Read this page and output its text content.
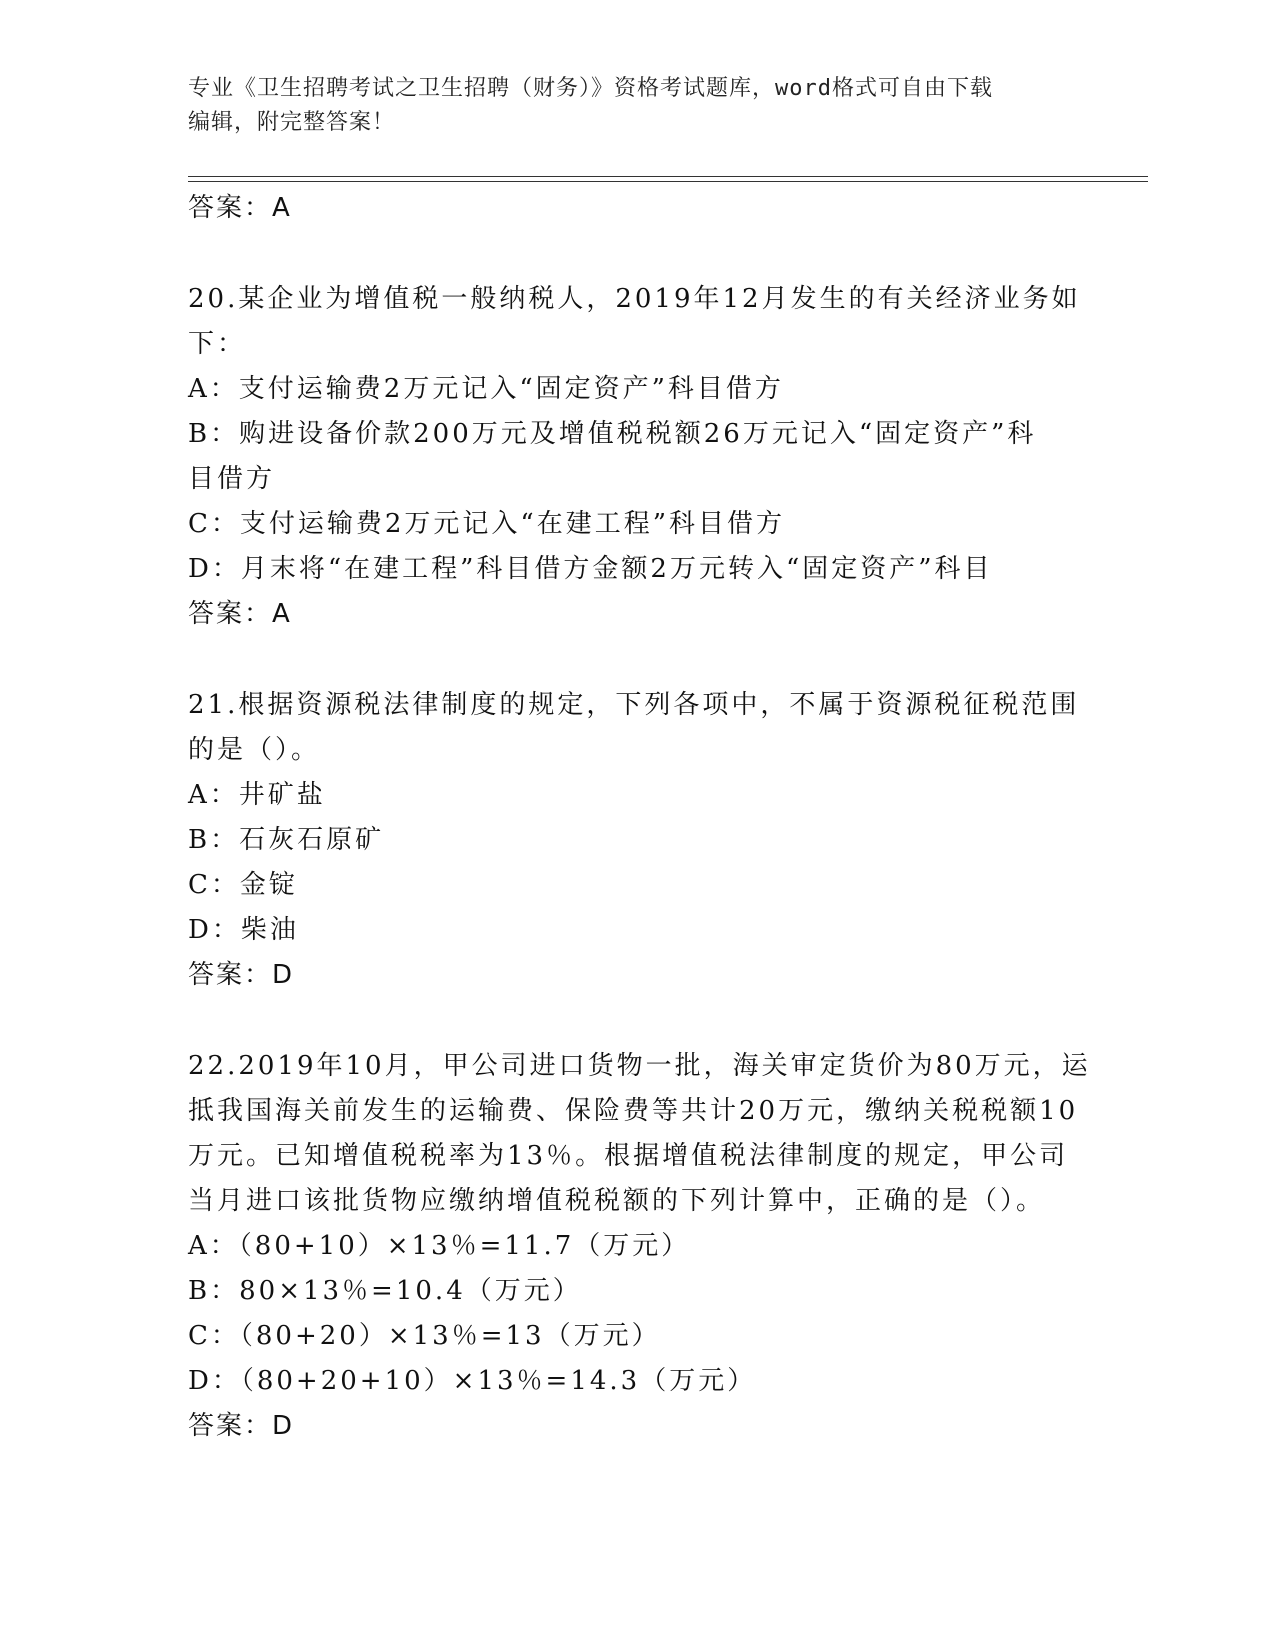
专业《卫生招聘考试之卫生招聘（财务）》资格考试题库，word格式可自由下载
编辑，附完整答案！
答案：A
20.某企业为增值税一般纳税人，2019年12月发生的有关经济业务如
下：
A：支付运输费2万元记入“固定资产”科目借方
B：购进设备价款200万元及增值税税额26万元记入“固定资产”科
目借方
C：支付运输费2万元记入“在建工程”科目借方
D：月末将“在建工程”科目借方金额2万元转入“固定资产”科目
答案：A
21.根据资源税法律制度的规定，下列各项中，不属于资源税征税范围
的是（）。
A：井矿盐
B：石灰石原矿
C：金锭
D：柴油
答案：D
22.2019年10月，甲公司进口货物一批，海关审定货价为80万元，运
抵我国海关前发生的运输费、保险费等共计20万元，缴纳关税税额10
万元。已知增值税税率为13％。根据增值税法律制度的规定，甲公司
当月进口该批货物应缴纳增值税税额的下列计算中，正确的是（）。
A：（80+10）×13％=11.7（万元）
B：80×13％=10.4（万元）
C：（80+20）×13％=13（万元）
D：（80+20+10）×13％=14.3（万元）
答案：D
